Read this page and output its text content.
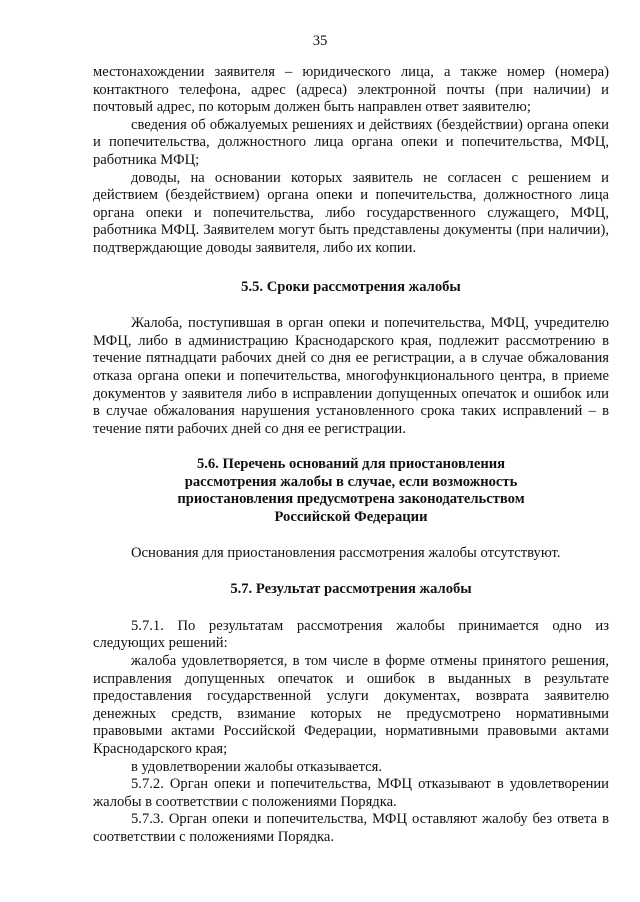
35

местонахождении заявителя – юридического лица, а также номер (номера) контактного телефона, адрес (адреса) электронной почты (при наличии) и почтовый адрес, по которым должен быть направлен ответ заявителю;

сведения об обжалуемых решениях и действиях (бездействии) органа опеки и попечительства, должностного лица органа опеки и попечительства, МФЦ, работника МФЦ;

доводы, на основании которых заявитель не согласен с решением и действием (бездействием) органа опеки и попечительства, должностного лица органа опеки и попечительства, либо государственного служащего, МФЦ, работника МФЦ. Заявителем могут быть представлены документы (при наличии), подтверждающие доводы заявителя, либо их копии.

5.5. Сроки рассмотрения жалобы

Жалоба, поступившая в орган опеки и попечительства, МФЦ, учредителю МФЦ, либо в администрацию Краснодарского края, подлежит рассмотрению в течение пятнадцати рабочих дней со дня ее регистрации, а в случае обжалования отказа органа опеки и попечительства, многофункционального центра, в приеме документов у заявителя либо в исправлении допущенных опечаток и ошибок или в случае обжалования нарушения установленного срока таких исправлений – в течение пяти рабочих дней со дня ее регистрации.

5.6. Перечень оснований для приостановления
рассмотрения жалобы в случае, если возможность
приостановления предусмотрена законодательством
Российской Федерации

Основания для приостановления рассмотрения жалобы отсутствуют.

5.7. Результат рассмотрения жалобы

5.7.1. По результатам рассмотрения жалобы принимается одно из следующих решений:

жалоба удовлетворяется, в том числе в форме отмены принятого решения, исправления допущенных опечаток и ошибок в выданных в результате предоставления государственной услуги документах, возврата заявителю денежных средств, взимание которых не предусмотрено нормативными правовыми актами Российской Федерации, нормативными правовыми актами Краснодарского края;

в удовлетворении жалобы отказывается.

5.7.2. Орган опеки и попечительства, МФЦ отказывают в удовлетворении жалобы в соответствии с положениями Порядка.

5.7.3. Орган опеки и попечительства, МФЦ оставляют жалобу без ответа в соответствии с положениями Порядка.
